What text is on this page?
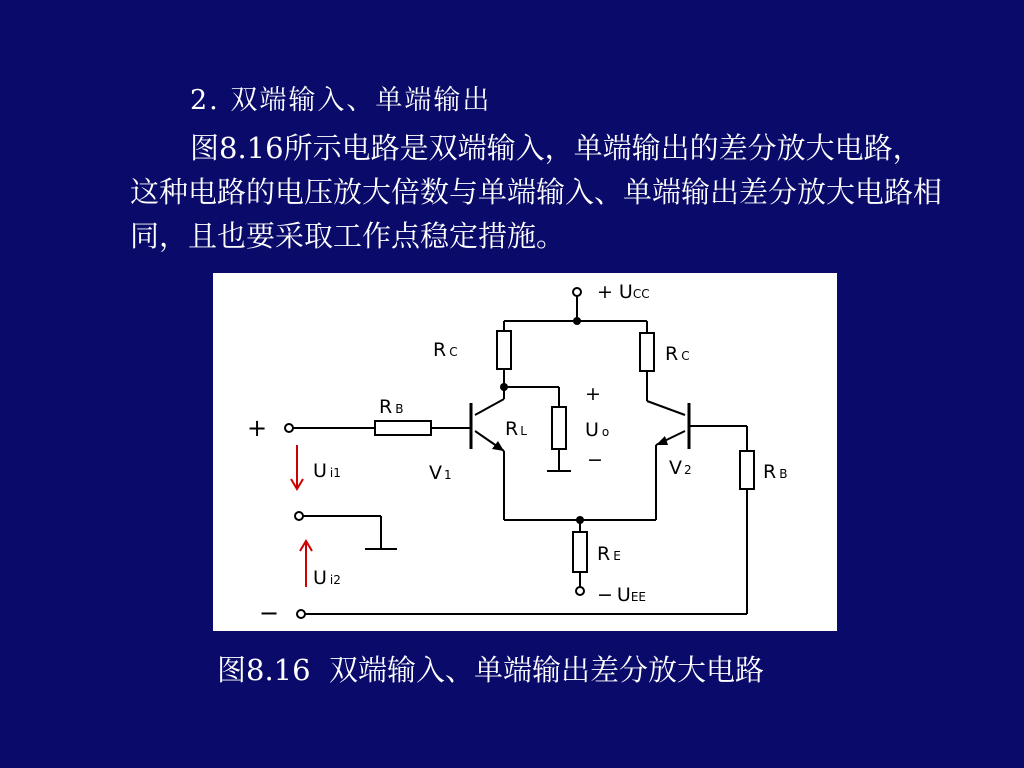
2. 双端输入、单端输出
图8.16所示电路是双端输入，单端输出的差分放大电路，这种电路的电压放大倍数与单端输入、单端输出差分放大电路相同，且也要采取工作点稳定措施。
+ UCC
R C	R C
R B
R L
+
Uo
−
V 1	V 2	R B
R E
− UEE
Ui1
Ui2
+
−
图8.16  双端输入、单端输出差分放大电路
